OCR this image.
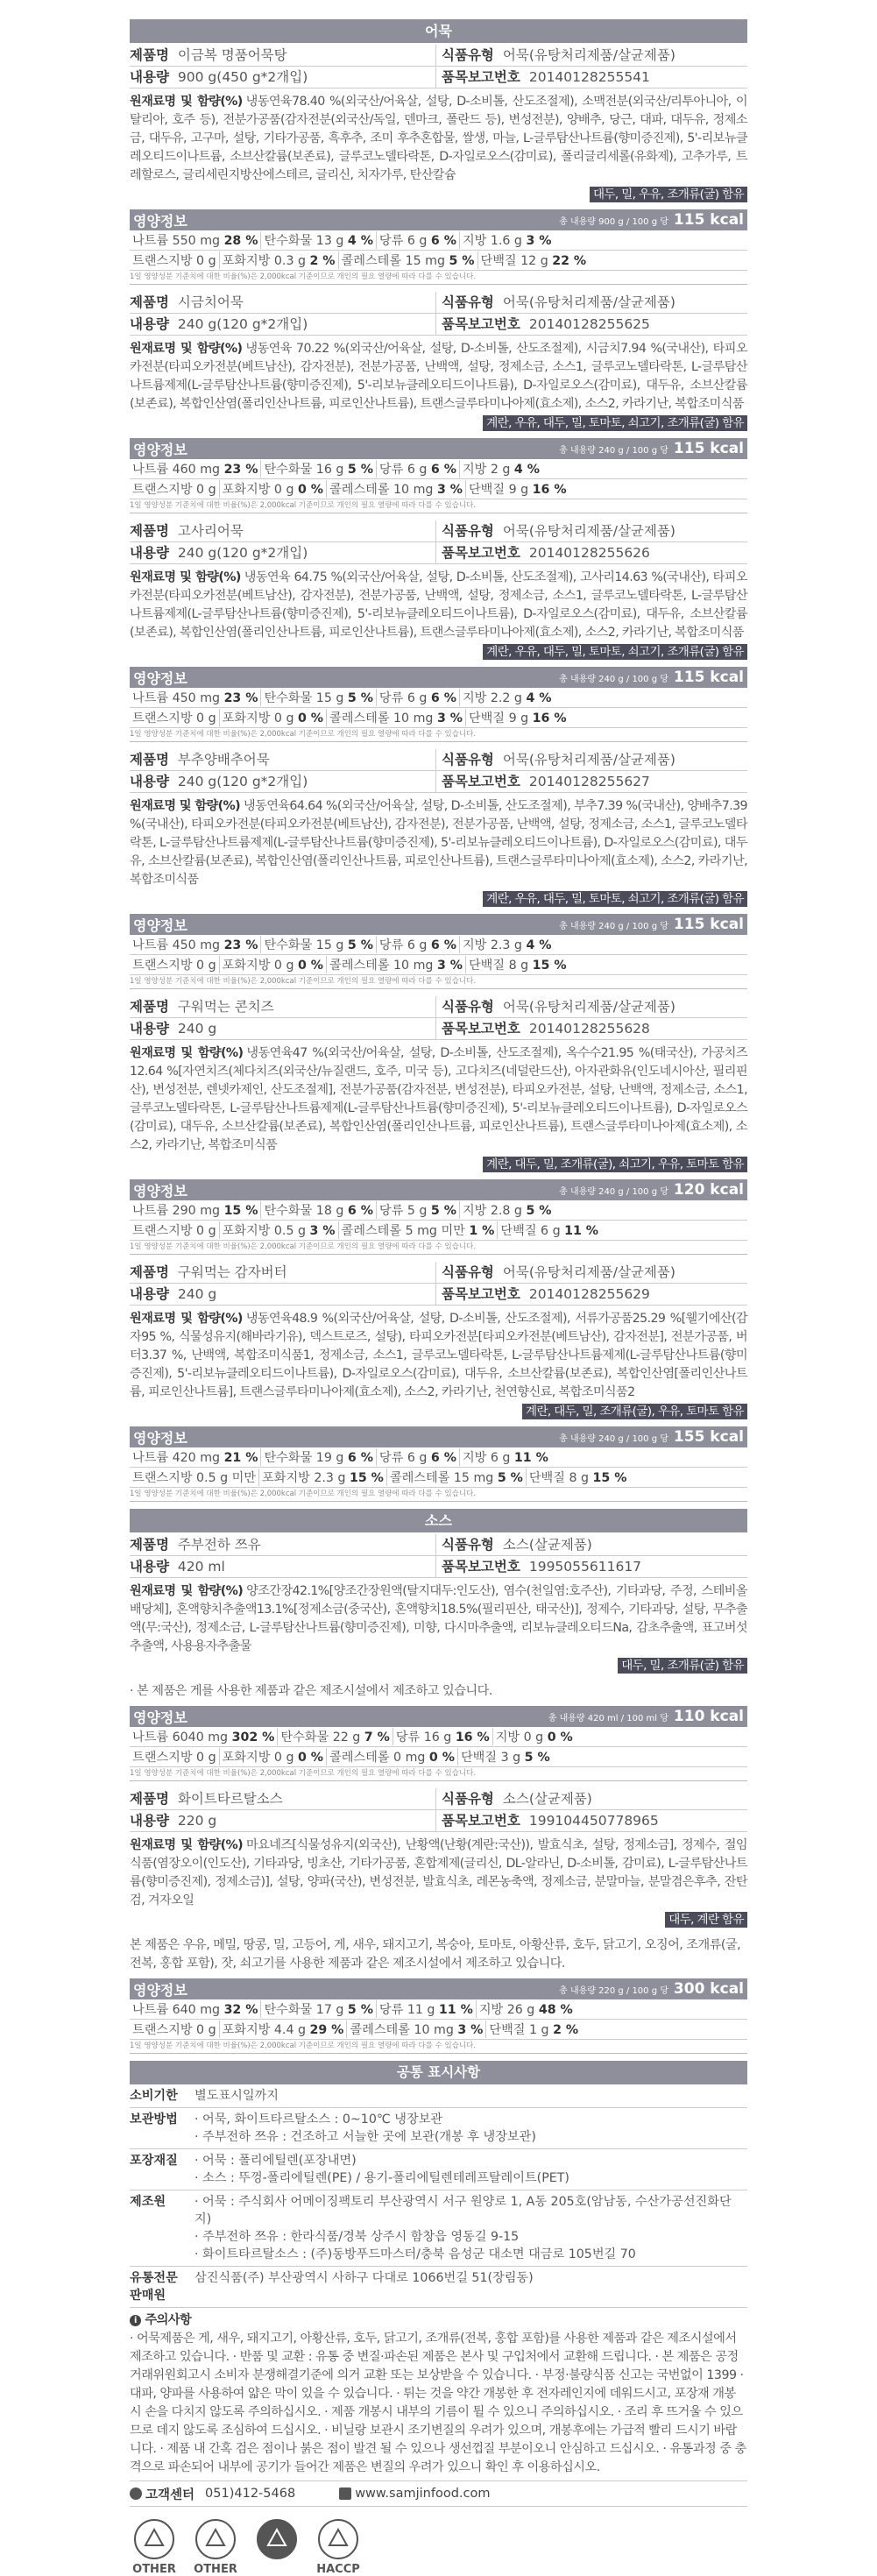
어묵
제품명 이금복 명품어묵탕	식품유형 어묵(유탕처리제품/살균제품)
내용량 900 g(450 g*2개입)	품목보고번호 20140128255541
원재료명 및 함량(%) 냉동연육78.40 %(외국산/어육살, 설탕, D-소비톨, 산도조절제), 소맥전분(외국산/리투아니아, 이탈리아, 호주 등), 전분가공품(감자전분(외국산/독일, 덴마크, 폴란드 등), 변성전분), 양배추, 당근, 대파, 대두유, 정제소금, 대두유, 고구마, 설탕, 기타가공품, 흑후추, 조미 후추혼합물, 쌀생, 마늘, L-글루탐산나트륨(향미증진제), 5'-리보뉴클레오티드이나트륨, 소브산칼륨(보존료), 글루코노델타락톤, D-자일로오스(감미료), 폴리글리세롤(유화제), 고추가루, 트레할로스, 글리세린지방산에스테르, 글리신, 치자가루, 탄산칼슘
대두, 밀, 우유, 조개류(굴) 함유
영양정보	총 내용량 900 g / 100 g 당 115 kcal
나트륨 550 mg 28 % 탄수화물 13 g 4 % 당류 6 g 6 % 지방 1.6 g 3 %
트랜스지방 0 g 포화지방 0.3 g 2 % 콜레스테롤 15 mg 5 % 단백질 12 g 22 %
1일 영양성분 기준치에 대한 비율(%)은 2,000kcal 기준이므로 개인의 필요 열량에 따라 다를 수 있습니다.
제품명 시금치어묵	식품유형 어묵(유탕처리제품/살균제품)
내용량 240 g(120 g*2개입)	품목보고번호 20140128255625
원재료명 및 함량(%) 냉동연육 70.22 %(외국산/어육살, 설탕, D-소비톨, 산도조절제), 시금치7.94 %(국내산), 타피오카전분(타피오카전분(베트남산), 감자전분), 전분가공품, 난백액, 설탕, 정제소금, 소스1, 글루코노델타락톤, L-글루탐산나트륨제제(L-글루탐산나트륨(향미증진제), 5'-리보뉴클레오티드이나트륨), D-자일로오스(감미료), 대두유, 소브산칼륨(보존료), 복합인산염(폴리인산나트륨, 피로인산나트륨), 트랜스글루타미나아제(효소제), 소스2, 카라기난, 복합조미식품
계란, 우유, 대두, 밀, 토마토, 쇠고기, 조개류(굴) 함유
영양정보	총 내용량 240 g / 100 g 당 115 kcal
나트륨 460 mg 23 % 탄수화물 16 g 5 % 당류 6 g 6 % 지방 2 g 4 %
트랜스지방 0 g 포화지방 0 g 0 % 콜레스테롤 10 mg 3 % 단백질 9 g 16 %
1일 영양성분 기준치에 대한 비율(%)은 2,000kcal 기준이므로 개인의 필요 열량에 따라 다를 수 있습니다.
제품명 고사리어묵	식품유형 어묵(유탕처리제품/살균제품)
내용량 240 g(120 g*2개입)	품목보고번호 20140128255626
원재료명 및 함량(%) 냉동연육 64.75 %(외국산/어육살, 설탕, D-소비톨, 산도조절제), 고사리14.63 %(국내산), 타피오카전분(타피오카전분(베트남산), 감자전분), 전분가공품, 난백액, 설탕, 정제소금, 소스1, 글루코노델타락톤, L-글루탐산나트륨제제(L-글루탐산나트륨(향미증진제), 5'-리보뉴클레오티드이나트륨), D-자일로오스(감미료), 대두유, 소브산칼륨(보존료), 복합인산염(폴리인산나트륨, 피로인산나트륨), 트랜스글루타미나아제(효소제), 소스2, 카라기난, 복합조미식품
계란, 우유, 대두, 밀, 토마토, 쇠고기, 조개류(굴) 함유
영양정보	총 내용량 240 g / 100 g 당 115 kcal
나트륨 450 mg 23 % 탄수화물 15 g 5 % 당류 6 g 6 % 지방 2.2 g 4 %
트랜스지방 0 g 포화지방 0 g 0 % 콜레스테롤 10 mg 3 % 단백질 9 g 16 %
1일 영양성분 기준치에 대한 비율(%)은 2,000kcal 기준이므로 개인의 필요 열량에 따라 다를 수 있습니다.
제품명 부추양배추어묵	식품유형 어묵(유탕처리제품/살균제품)
내용량 240 g(120 g*2개입)	품목보고번호 20140128255627
원재료명 및 함량(%) 냉동연육64.64 %(외국산/어육살, 설탕, D-소비톨, 산도조절제), 부추7.39 %(국내산), 양배추7.39 %(국내산), 타피오카전분(타피오카전분(베트남산), 감자전분), 전분가공품, 난백액, 설탕, 정제소금, 소스1, 글루코노델타락톤, L-글루탐산나트륨제제(L-글루탐산나트륨(향미증진제), 5'-리보뉴클레오티드이나트륨), D-자일로오스(감미료), 대두유, 소브산칼륨(보존료), 복합인산염(폴리인산나트륨, 피로인산나트륨), 트랜스글루타미나아제(효소제), 소스2, 카라기난, 복합조미식품
계란, 우유, 대두, 밀, 토마토, 쇠고기, 조개류(굴) 함유
영양정보	총 내용량 240 g / 100 g 당 115 kcal
나트륨 450 mg 23 % 탄수화물 15 g 5 % 당류 6 g 6 % 지방 2.3 g 4 %
트랜스지방 0 g 포화지방 0 g 0 % 콜레스테롤 10 mg 3 % 단백질 8 g 15 %
1일 영양성분 기준치에 대한 비율(%)은 2,000kcal 기준이므로 개인의 필요 열량에 따라 다를 수 있습니다.
제품명 구워먹는 콘치즈	식품유형 어묵(유탕처리제품/살균제품)
내용량 240 g	품목보고번호 20140128255628
원재료명 및 함량(%) 냉동연육47 %(외국산/어육살, 설탕, D-소비톨, 산도조절제), 옥수수21.95 %(태국산), 가공치즈12.64 %[자연치즈(체다치즈(외국산/뉴질랜드, 호주, 미국 등), 고다치즈(네덜란드산), 아자관화유(인도네시아산, 필리핀산), 변성전분, 렌넷카제인, 산도조절제], 전분가공품(감자전분, 변성전분), 타피오카전분, 설탕, 난백액, 정제소금, 소스1, 글루코노델타락톤, L-글루탐산나트륨제제(L-글루탐산나트륨(향미증진제), 5'-리보뉴클레오티드이나트륨), D-자일로오스(감미료), 대두유, 소브산칼륨(보존료), 복합인산염(폴리인산나트륨, 피로인산나트륨), 트랜스글루타미나아제(효소제), 소스2, 카라기난, 복합조미식품
계란, 대두, 밀, 조개류(굴), 쇠고기, 우유, 토마토 함유
영양정보	총 내용량 240 g / 100 g 당 120 kcal
나트륨 290 mg 15 % 탄수화물 18 g 6 % 당류 5 g 5 % 지방 2.8 g 5 %
트랜스지방 0 g 포화지방 0.5 g 3 % 콜레스테롤 5 mg 미만 1 % 단백질 6 g 11 %
1일 영양성분 기준치에 대한 비율(%)은 2,000kcal 기준이므로 개인의 필요 열량에 따라 다를 수 있습니다.
제품명 구워먹는 감자버터	식품유형 어묵(유탕처리제품/살균제품)
내용량 240 g	품목보고번호 20140128255629
원재료명 및 함량(%) 냉동연육48.9 %(외국산/어육살, 설탕, D-소비톨, 산도조절제), 서류가공품25.29 %[웰기에산(감자95 %, 식물성유지(해바라기유), 덱스트로즈, 설탕), 타피오카전분[타피오카전분(베트남산), 감자전분], 전분가공품, 버터3.37 %, 난백액, 복합조미식품1, 정제소금, 소스1, 글루코노델타락톤, L-글루탐산나트륨제제(L-글루탐산나트륨(향미증진제), 5'-리보뉴클레오티드이나트륨), D-자일로오스(감미료), 대두유, 소브산칼륨(보존료), 복합인산염[폴리인산나트륨, 피로인산나트륨], 트랜스글루타미나아제(효소제), 소스2, 카라기난, 천연향신료, 복합조미식품2
계란, 대두, 밀, 조개류(굴), 우유, 토마토 함유
영양정보	총 내용량 240 g / 100 g 당 155 kcal
나트륨 420 mg 21 % 탄수화물 19 g 6 % 당류 6 g 6 % 지방 6 g 11 %
트랜스지방 0.5 g 미만 포화지방 2.3 g 15 % 콜레스테롤 15 mg 5 % 단백질 8 g 15 %
1일 영양성분 기준치에 대한 비율(%)은 2,000kcal 기준이므로 개인의 필요 열량에 따라 다를 수 있습니다.
소스
제품명 주부전하 쯔유	식품유형 소스(살균제품)
내용량 420 ml	품목보고번호 1995055611617
원재료명 및 함량(%) 양조간장42.1%[양조간장원액(탈지대두:인도산), 염수(천일염:호주산), 기타과당, 주정, 스테비올배당체], 혼액향치추출액13.1%[정제소금(중국산), 혼액향치18.5%(필리핀산, 태국산)], 정제수, 기타과당, 설탕, 무추출액(무:국산), 정제소금, L-글루탐산나트륨(향미증진제), 미향, 다시마추출액, 리보뉴클레오티드Na, 감초추출액, 표고버섯추출액, 사용용자추출물
대두, 밀, 조개류(굴) 함유
· 본 제품은 게를 사용한 제품과 같은 제조시설에서 제조하고 있습니다.
영양정보	총 내용량 420 ml / 100 ml 당 110 kcal
나트륨 6040 mg 302 % 탄수화물 22 g 7 % 당류 16 g 16 % 지방 0 g 0 %
트랜스지방 0 g 포화지방 0 g 0 % 콜레스테롤 0 mg 0 % 단백질 3 g 5 %
1일 영양성분 기준치에 대한 비율(%)은 2,000kcal 기준이므로 개인의 필요 열량에 따라 다를 수 있습니다.
제품명 화이트타르탈소스	식품유형 소스(살균제품)
내용량 220 g	품목보고번호 199104450778965
원재료명 및 함량(%) 마요네즈[식물성유지(외국산), 난황액(난황(계란:국산)), 발효식초, 설탕, 정제소금], 정제수, 절임식품(염장오이(인도산), 기타과당, 빙초산, 기타가공품, 혼합제제(글리신, DL-알라닌, D-소비톨, 감미료), L-글루탐산나트륨(향미증진제), 정제소금)], 설탕, 양파(국산), 변성전분, 발효식초, 레몬농축액, 정제소금, 분말마늘, 분말겸은후추, 잔탄검, 겨자오일
대두, 계란 함유
본 제품은 우유, 메밀, 땅콩, 밀, 고등어, 게, 새우, 돼지고기, 복숭아, 토마토, 아황산류, 호두, 닭고기, 오징어, 조개류(굴, 전복, 홍합 포함), 잣, 쇠고기를 사용한 제품과 같은 제조시설에서 제조하고 있습니다.
영양정보	총 내용량 220 g / 100 g 당 300 kcal
나트륨 640 mg 32 % 탄수화물 17 g 5 % 당류 11 g 11 % 지방 26 g 48 %
트랜스지방 0 g 포화지방 4.4 g 29 % 콜레스테롤 10 mg 3 % 단백질 1 g 2 %
1일 영양성분 기준치에 대한 비율(%)은 2,000kcal 기준이므로 개인의 필요 열량에 따라 다를 수 있습니다.
공통 표시사항
소비기한	별도표시일까지
보관방법	· 어묵, 화이트타르탈소스 : 0~10℃ 냉장보관
· 주부전하 쯔유 : 건조하고 서늘한 곳에 보관(개봉 후 냉장보관)
포장재질	· 어묵 : 폴리에틸렌(포장내면)
· 소스 : 뚜껑-폴리에틸렌(PE) / 용기-폴리에틸렌테레프탈레이트(PET)
제조원	· 어묵 : 주식회사 어메이징팩토리 부산광역시 서구 원양로 1, A동 205호(암남동, 수산가공선진화단지)
· 주부전하 쯔유 : 한라식품/경북 상주시 함창읍 영동길 9-15
· 화이트타르탈소스 : (주)동방푸드마스터/충북 음성군 대소면 대금로 105번길 70
유통전문판매원
삼진식품(주) 부산광역시 사하구 다대로 1066번길 51(장림동)
i 주의사항
· 어묵제품은 게, 새우, 돼지고기, 아황산류, 호두, 닭고기, 조개류(전복, 홍합 포함)를 사용한 제품과 같은 제조시설에서 제조하고 있습니다. · 반품 및 교환 : 유통 중 변질·파손된 제품은 본사 및 구입처에서 교환해 드립니다. · 본 제품은 공정거래위원회고시 소비자 분쟁해결기준에 의거 교환 또는 보상받을 수 있습니다. · 부정·불량식품 신고는 국번없이 1399 · 대파, 양파를 사용하여 얇은 막이 있을 수 있습니다. · 튀는 것을 약간 개봉한 후 전자레인지에 데워드시고, 포장재 개봉 시 손을 다치지 않도록 주의하십시오. · 제품 개봉시 내부의 기름이 튈 수 있으니 주의하십시오. · 조리 후 뜨거울 수 있으므로 데지 않도록 조심하여 드십시오. · 비닐랑 보관시 조기변질의 우려가 있으며, 개봉후에는 가급적 빨리 드시기 바랍니다. · 제품 내 간혹 검은 점이나 붉은 점이 발견 될 수 있으나 생선껍질 부분이오니 안심하고 드십시오. · 유통과정 중 충격으로 파손되어 내부에 공기가 들어간 제품은 변질의 우려가 있으니 확인 후 이용하십시오.
고객센터 051)412-5468	www.samjinfood.com
OTHER OTHER	HACCP
